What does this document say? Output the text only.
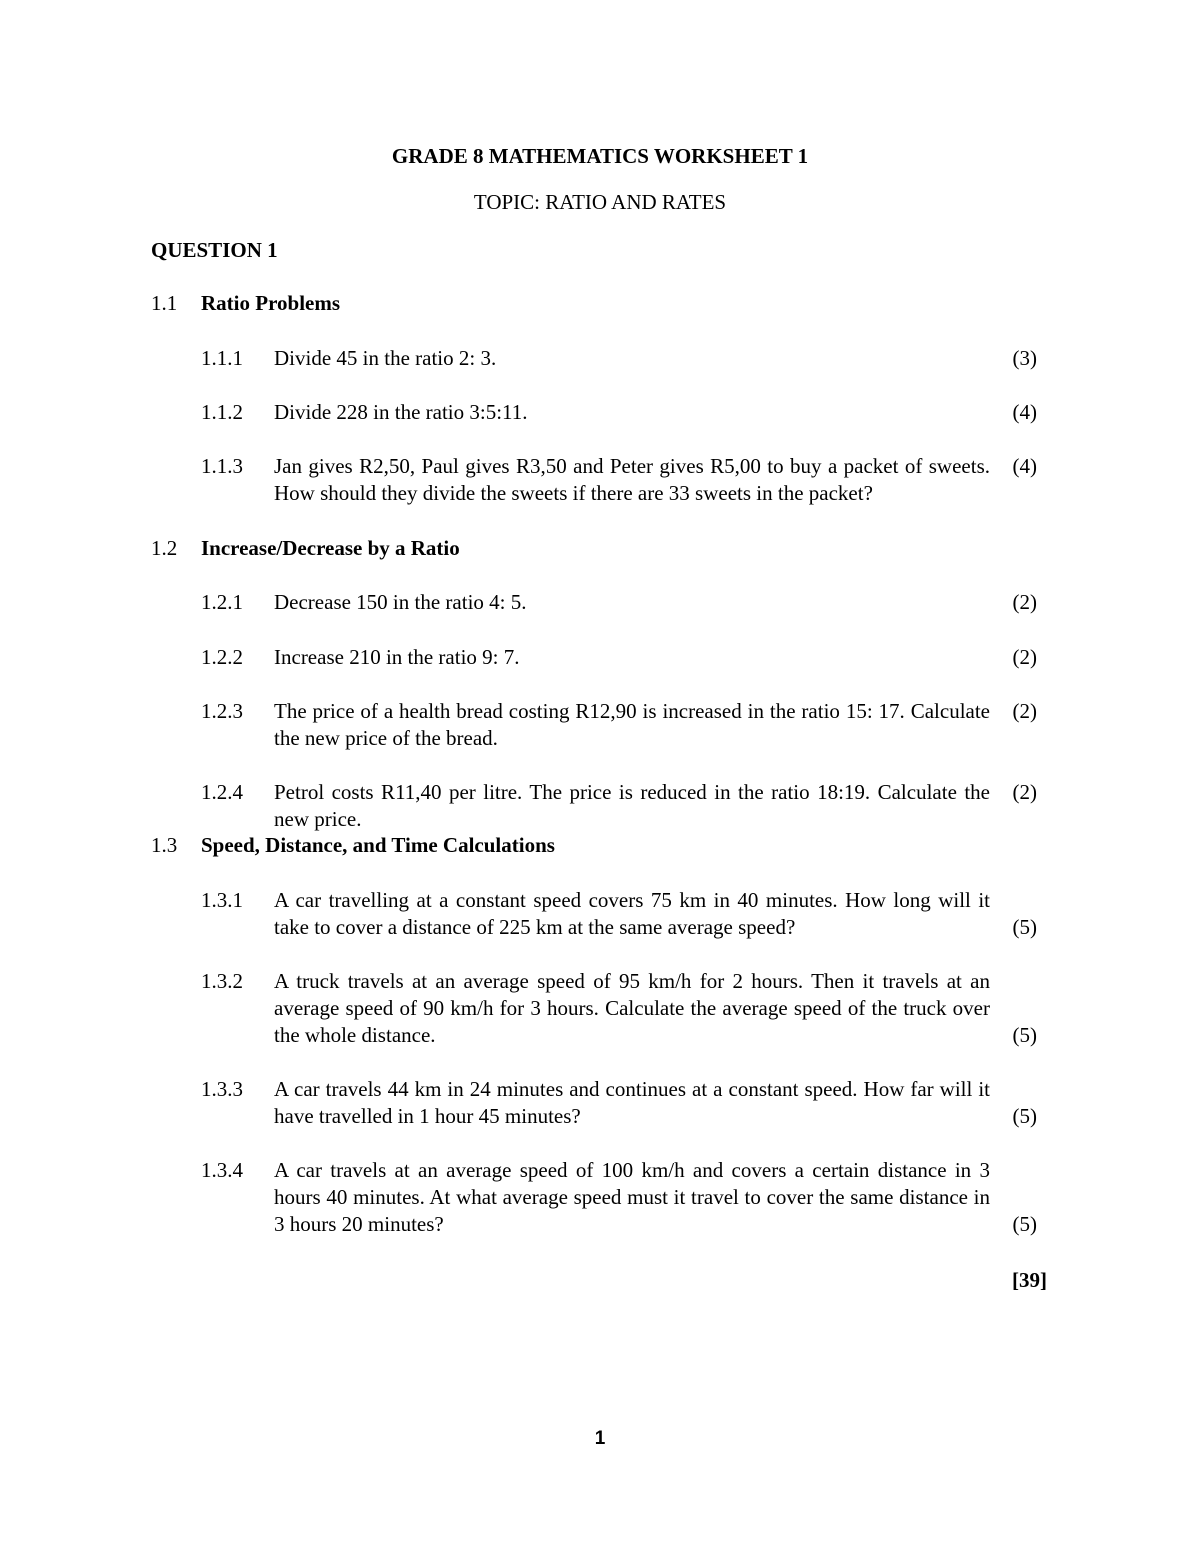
GRADE 8 MATHEMATICS WORKSHEET 1
TOPIC: RATIO AND RATES
QUESTION 1
1.1 Ratio Problems
1.1.1 Divide 45 in the ratio 2: 3.	(3)
1.1.2 Divide 228 in the ratio 3:5:11.	(4)
1.1.3 Jan gives R2,50, Paul gives R3,50 and Peter gives R5,00 to buy a packet of sweets. How should they divide the sweets if there are 33 sweets in the packet?
(4)
1.2 Increase/Decrease by a Ratio
1.2.1 Decrease 150 in the ratio 4: 5.	(2)
1.2.2 Increase 210 in the ratio 9: 7.	(2)
1.2.3 The price of a health bread costing R12,90 is increased in the ratio 15: 17. Calculate the new price of the bread.
(2)
1.2.4 Petrol costs R11,40 per litre. The price is reduced in the ratio 18:19. Calculate the new price.
(2)
1.3 Speed, Distance, and Time Calculations
1.3.1 A car travelling at a constant speed covers 75 km in 40 minutes. How long will it take to cover a distance of 225 km at the same average speed?	(5)
1.3.2 A truck travels at an average speed of 95 km/h for 2 hours. Then it travels at an average speed of 90 km/h for 3 hours. Calculate the average speed of the truck over the whole distance.	(5)
1.3.3 A car travels 44 km in 24 minutes and continues at a constant speed. How far will it have travelled in 1 hour 45 minutes?	(5)
1.3.4 A car travels at an average speed of 100 km/h and covers a certain distance in 3 hours 40 minutes. At what average speed must it travel to cover the same distance in 3 hours 20 minutes?	(5)
[39]
1
